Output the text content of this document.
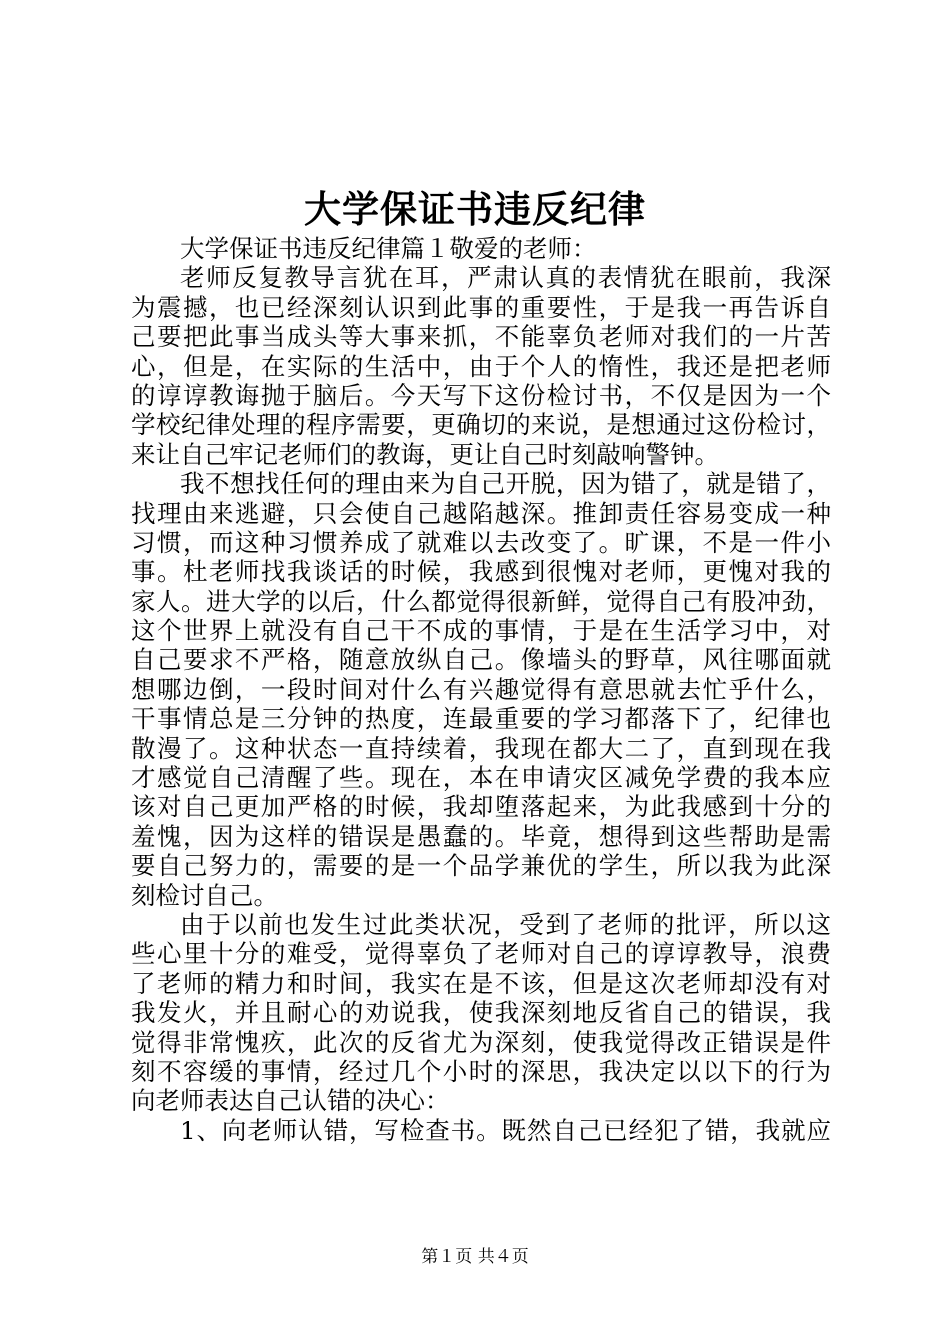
大学保证书违反纪律
大学保证书违反纪律篇１敬爱的老师：
老师反复教导言犹在耳，严肃认真的表情犹在眼前，我深
为震撼，也已经深刻认识到此事的重要性，于是我一再告诉自
己要把此事当成头等大事来抓，不能辜负老师对我们的一片苦
心，但是，在实际的生活中，由于个人的惰性，我还是把老师
的谆谆教诲抛于脑后。今天写下这份检讨书，不仅是因为一个
学校纪律处理的程序需要，更确切的来说，是想通过这份检讨，
来让自己牢记老师们的教诲，更让自己时刻敲响警钟。
我不想找任何的理由来为自己开脱，因为错了，就是错了，
找理由来逃避，只会使自己越陷越深。推卸责任容易变成一种
习惯，而这种习惯养成了就难以去改变了。旷课，不是一件小
事。杜老师找我谈话的时候，我感到很愧对老师，更愧对我的
家人。进大学的以后，什么都觉得很新鲜，觉得自己有股冲劲，
这个世界上就没有自己干不成的事情，于是在生活学习中，对
自己要求不严格，随意放纵自己。像墙头的野草，风往哪面就
想哪边倒，一段时间对什么有兴趣觉得有意思就去忙乎什么，
干事情总是三分钟的热度，连最重要的学习都落下了，纪律也
散漫了。这种状态一直持续着，我现在都大二了，直到现在我
才感觉自己清醒了些。现在，本在申请灾区减免学费的我本应
该对自己更加严格的时候，我却堕落起来，为此我感到十分的
羞愧，因为这样的错误是愚蠢的。毕竟，想得到这些帮助是需
要自己努力的，需要的是一个品学兼优的学生，所以我为此深
刻检讨自己。
由于以前也发生过此类状况，受到了老师的批评，所以这
些心里十分的难受，觉得辜负了老师对自己的谆谆教导，浪费
了老师的精力和时间，我实在是不该，但是这次老师却没有对
我发火，并且耐心的劝说我，使我深刻地反省自己的错误，我
觉得非常愧疚，此次的反省尤为深刻，使我觉得改正错误是件
刻不容缓的事情，经过几个小时的深思，我决定以以下的行为
向老师表达自己认错的决心：
1、向老师认错，写检查书。既然自己已经犯了错，我就应
第１页 共４页
